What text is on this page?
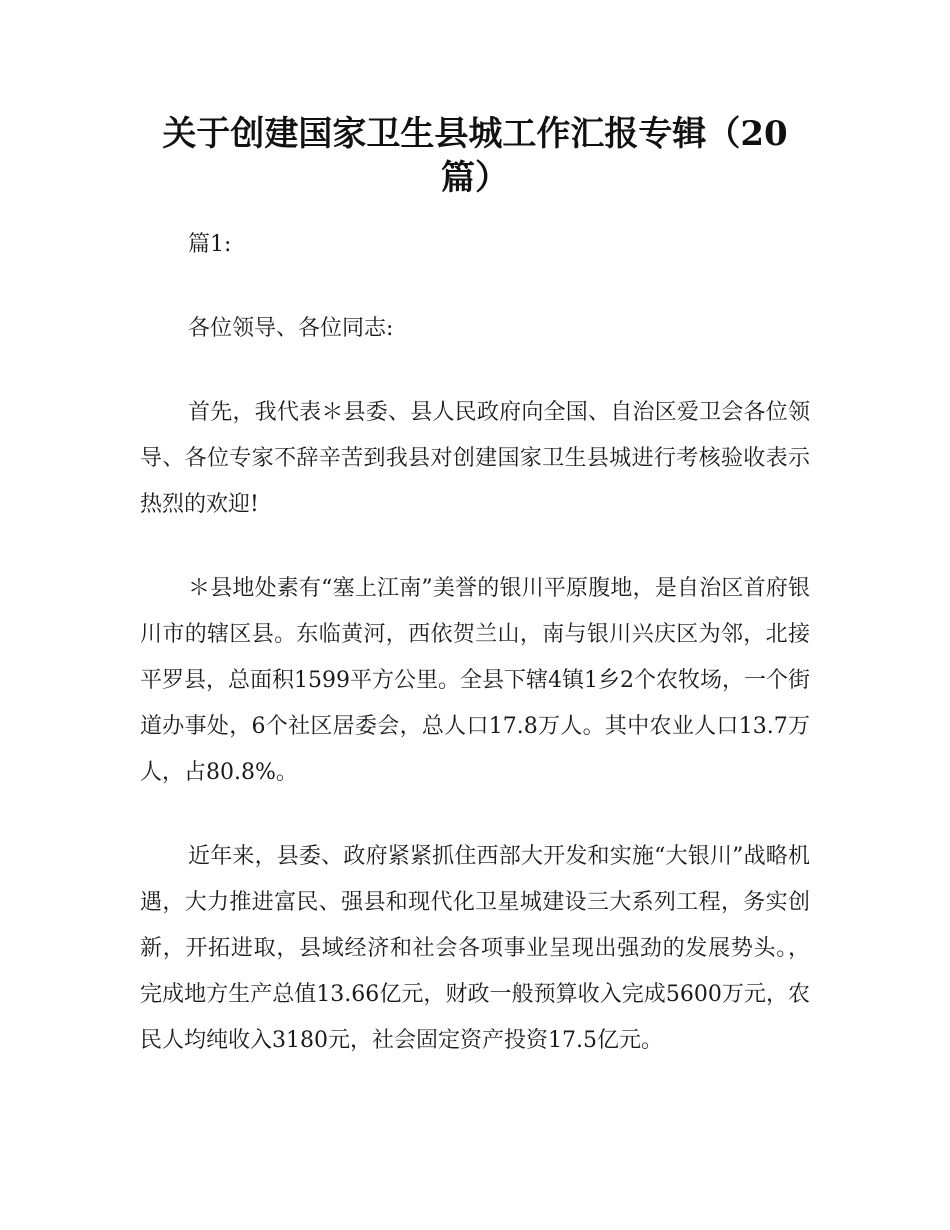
关于创建国家卫生县城工作汇报专辑（20篇）

篇1:

各位领导、各位同志:

首先，我代表＊县委、县人民政府向全国、自治区爱卫会各位领导、各位专家不辞辛苦到我县对创建国家卫生县城进行考核验收表示热烈的欢迎!

＊县地处素有“塞上江南”美誉的银川平原腹地，是自治区首府银川市的辖区县。东临黄河，西依贺兰山，南与银川兴庆区为邻，北接平罗县，总面积1599平方公里。全县下辖4镇1乡2个农牧场，一个街道办事处，6个社区居委会，总人口17.8万人。其中农业人口13.7万人，占80.8%。

近年来，县委、政府紧紧抓住西部大开发和实施“大银川”战略机遇，大力推进富民、强县和现代化卫星城建设三大系列工程，务实创新，开拓进取，县域经济和社会各项事业呈现出强劲的发展势头。，完成地方生产总值13.66亿元，财政一般预算收入完成5600万元，农民人均纯收入3180元，社会固定资产投资17.5亿元。
